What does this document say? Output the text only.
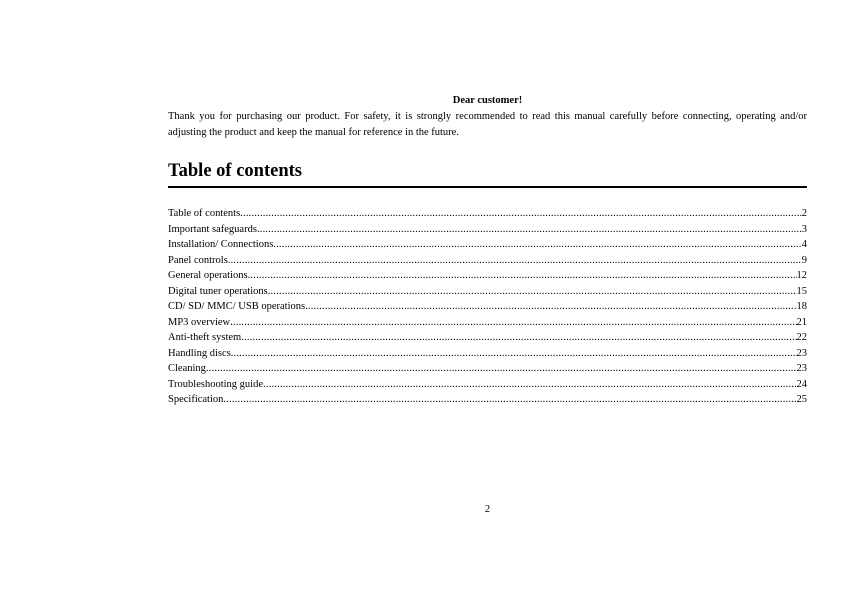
Dear customer!

Thank you for purchasing our product. For safety, it is strongly recommended to read this manual carefully before connecting, operating and/or adjusting the product and keep the manual for reference in the future.

Table of contents
Table of contents .....	2
Important safeguards .....	3
Installation/ Connections .....	4
Panel controls .....	9
General operations .....	12
Digital tuner operations .....	15
CD/ SD/ MMC/ USB operations .....	18
MP3 overview .....	21
Anti-theft system .....	22
Handling discs .....	23
Cleaning .....	23
Troubleshooting guide .....	24
Specification .....	25
2
